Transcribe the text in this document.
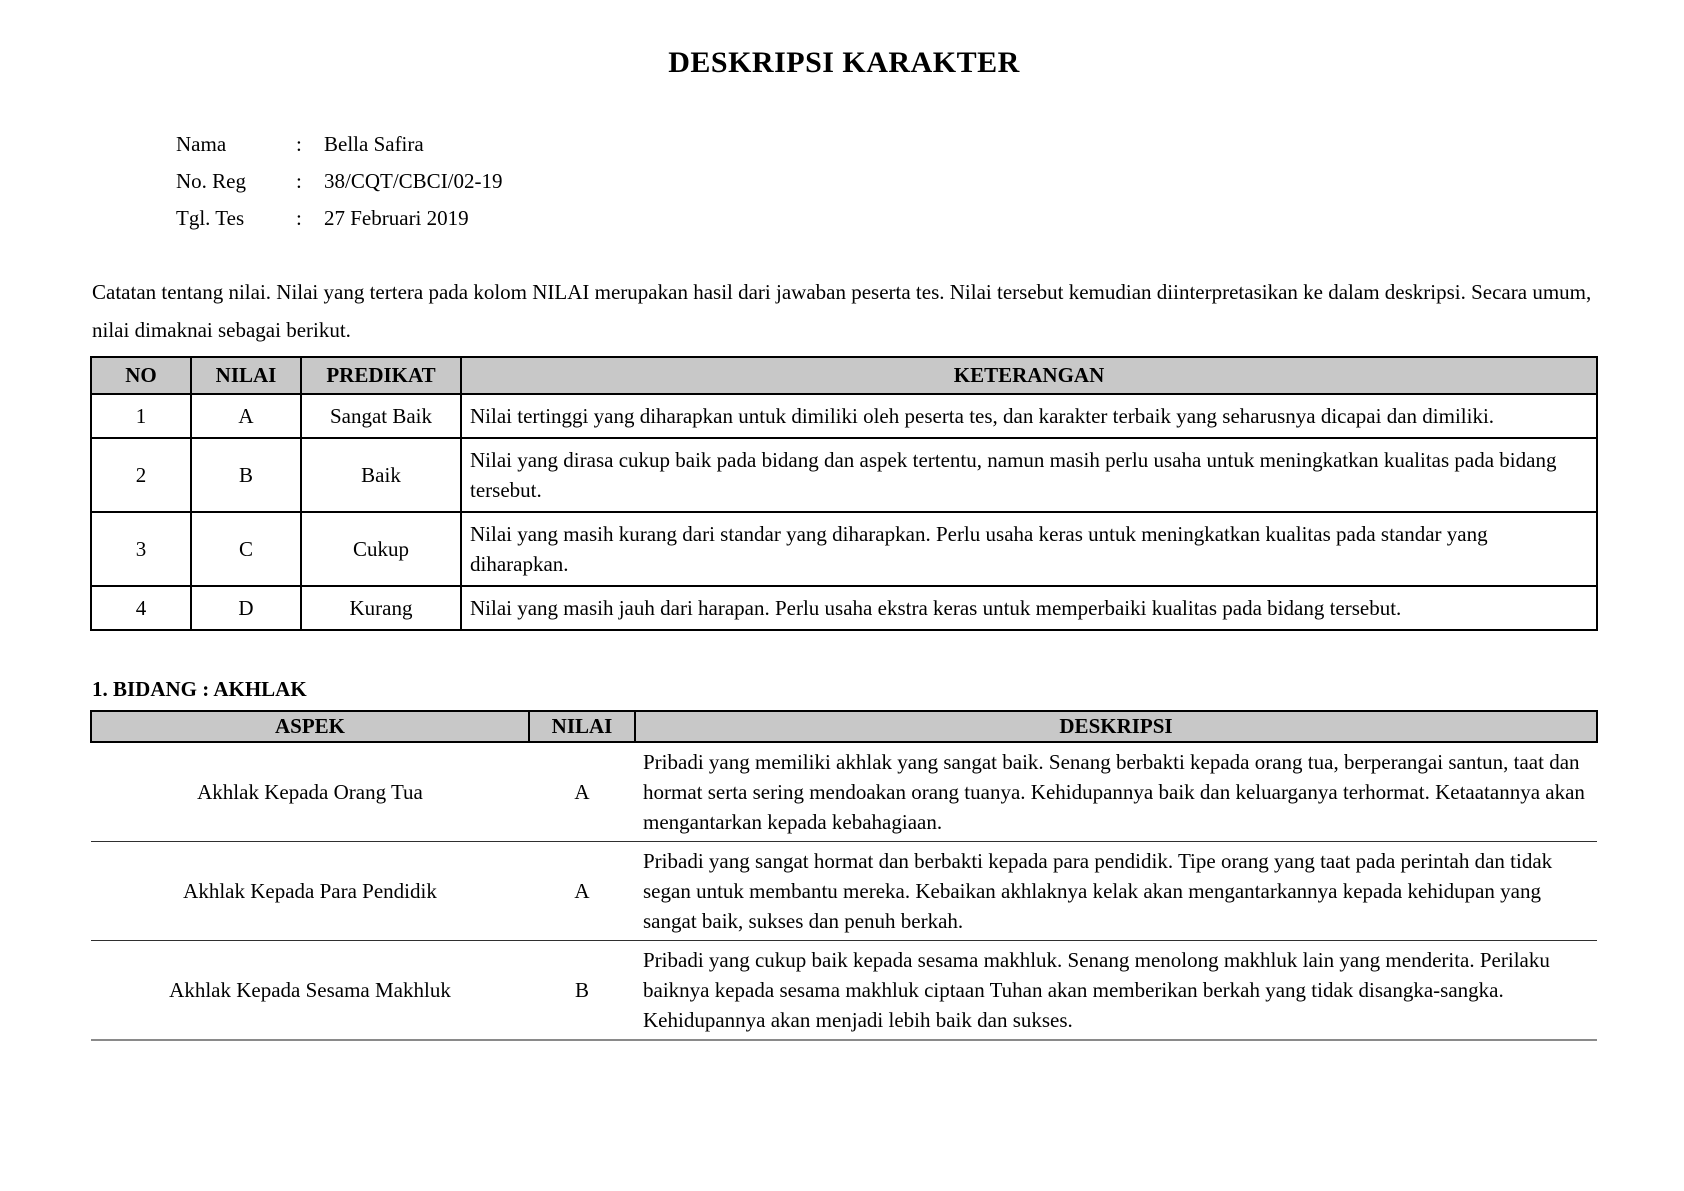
DESKRIPSI KARAKTER
Nama	:	Bella Safira
No. Reg	:	38/CQT/CBCI/02-19
Tgl. Tes	:	27 Februari 2019

Catatan tentang nilai. Nilai yang tertera pada kolom NILAI merupakan hasil dari jawaban peserta tes. Nilai tersebut kemudian diinterpretasikan ke dalam deskripsi. Secara umum, nilai dimaknai sebagai berikut.

NO	NILAI	PREDIKAT	KETERANGAN
1	A	Sangat Baik	Nilai tertinggi yang diharapkan untuk dimiliki oleh peserta tes, dan karakter terbaik yang seharusnya dicapai dan dimiliki.
2	B	Baik	Nilai yang dirasa cukup baik pada bidang dan aspek tertentu, namun masih perlu usaha untuk meningkatkan kualitas pada bidang tersebut.
3	C	Cukup	Nilai yang masih kurang dari standar yang diharapkan. Perlu usaha keras untuk meningkatkan kualitas pada standar yang diharapkan.
4	D	Kurang	Nilai yang masih jauh dari harapan. Perlu usaha ekstra keras untuk memperbaiki kualitas pada bidang tersebut.
1. BIDANG : AKHLAK
ASPEK	NILAI	DESKRIPSI
Akhlak Kepada Orang Tua	A	Pribadi yang memiliki akhlak yang sangat baik. Senang berbakti kepada orang tua, berperangai santun, taat dan hormat serta sering mendoakan orang tuanya. Kehidupannya baik dan keluarganya terhormat. Ketaatannya akan mengantarkan kepada kebahagiaan.
Akhlak Kepada Para Pendidik	A	Pribadi yang sangat hormat dan berbakti kepada para pendidik. Tipe orang yang taat pada perintah dan tidak segan untuk membantu mereka. Kebaikan akhlaknya kelak akan mengantarkannya kepada kehidupan yang sangat baik, sukses dan penuh berkah.
Akhlak Kepada Sesama Makhluk	B	Pribadi yang cukup baik kepada sesama makhluk. Senang menolong makhluk lain yang menderita. Perilaku baiknya kepada sesama makhluk ciptaan Tuhan akan memberikan berkah yang tidak disangka-sangka. Kehidupannya akan menjadi lebih baik dan sukses.
